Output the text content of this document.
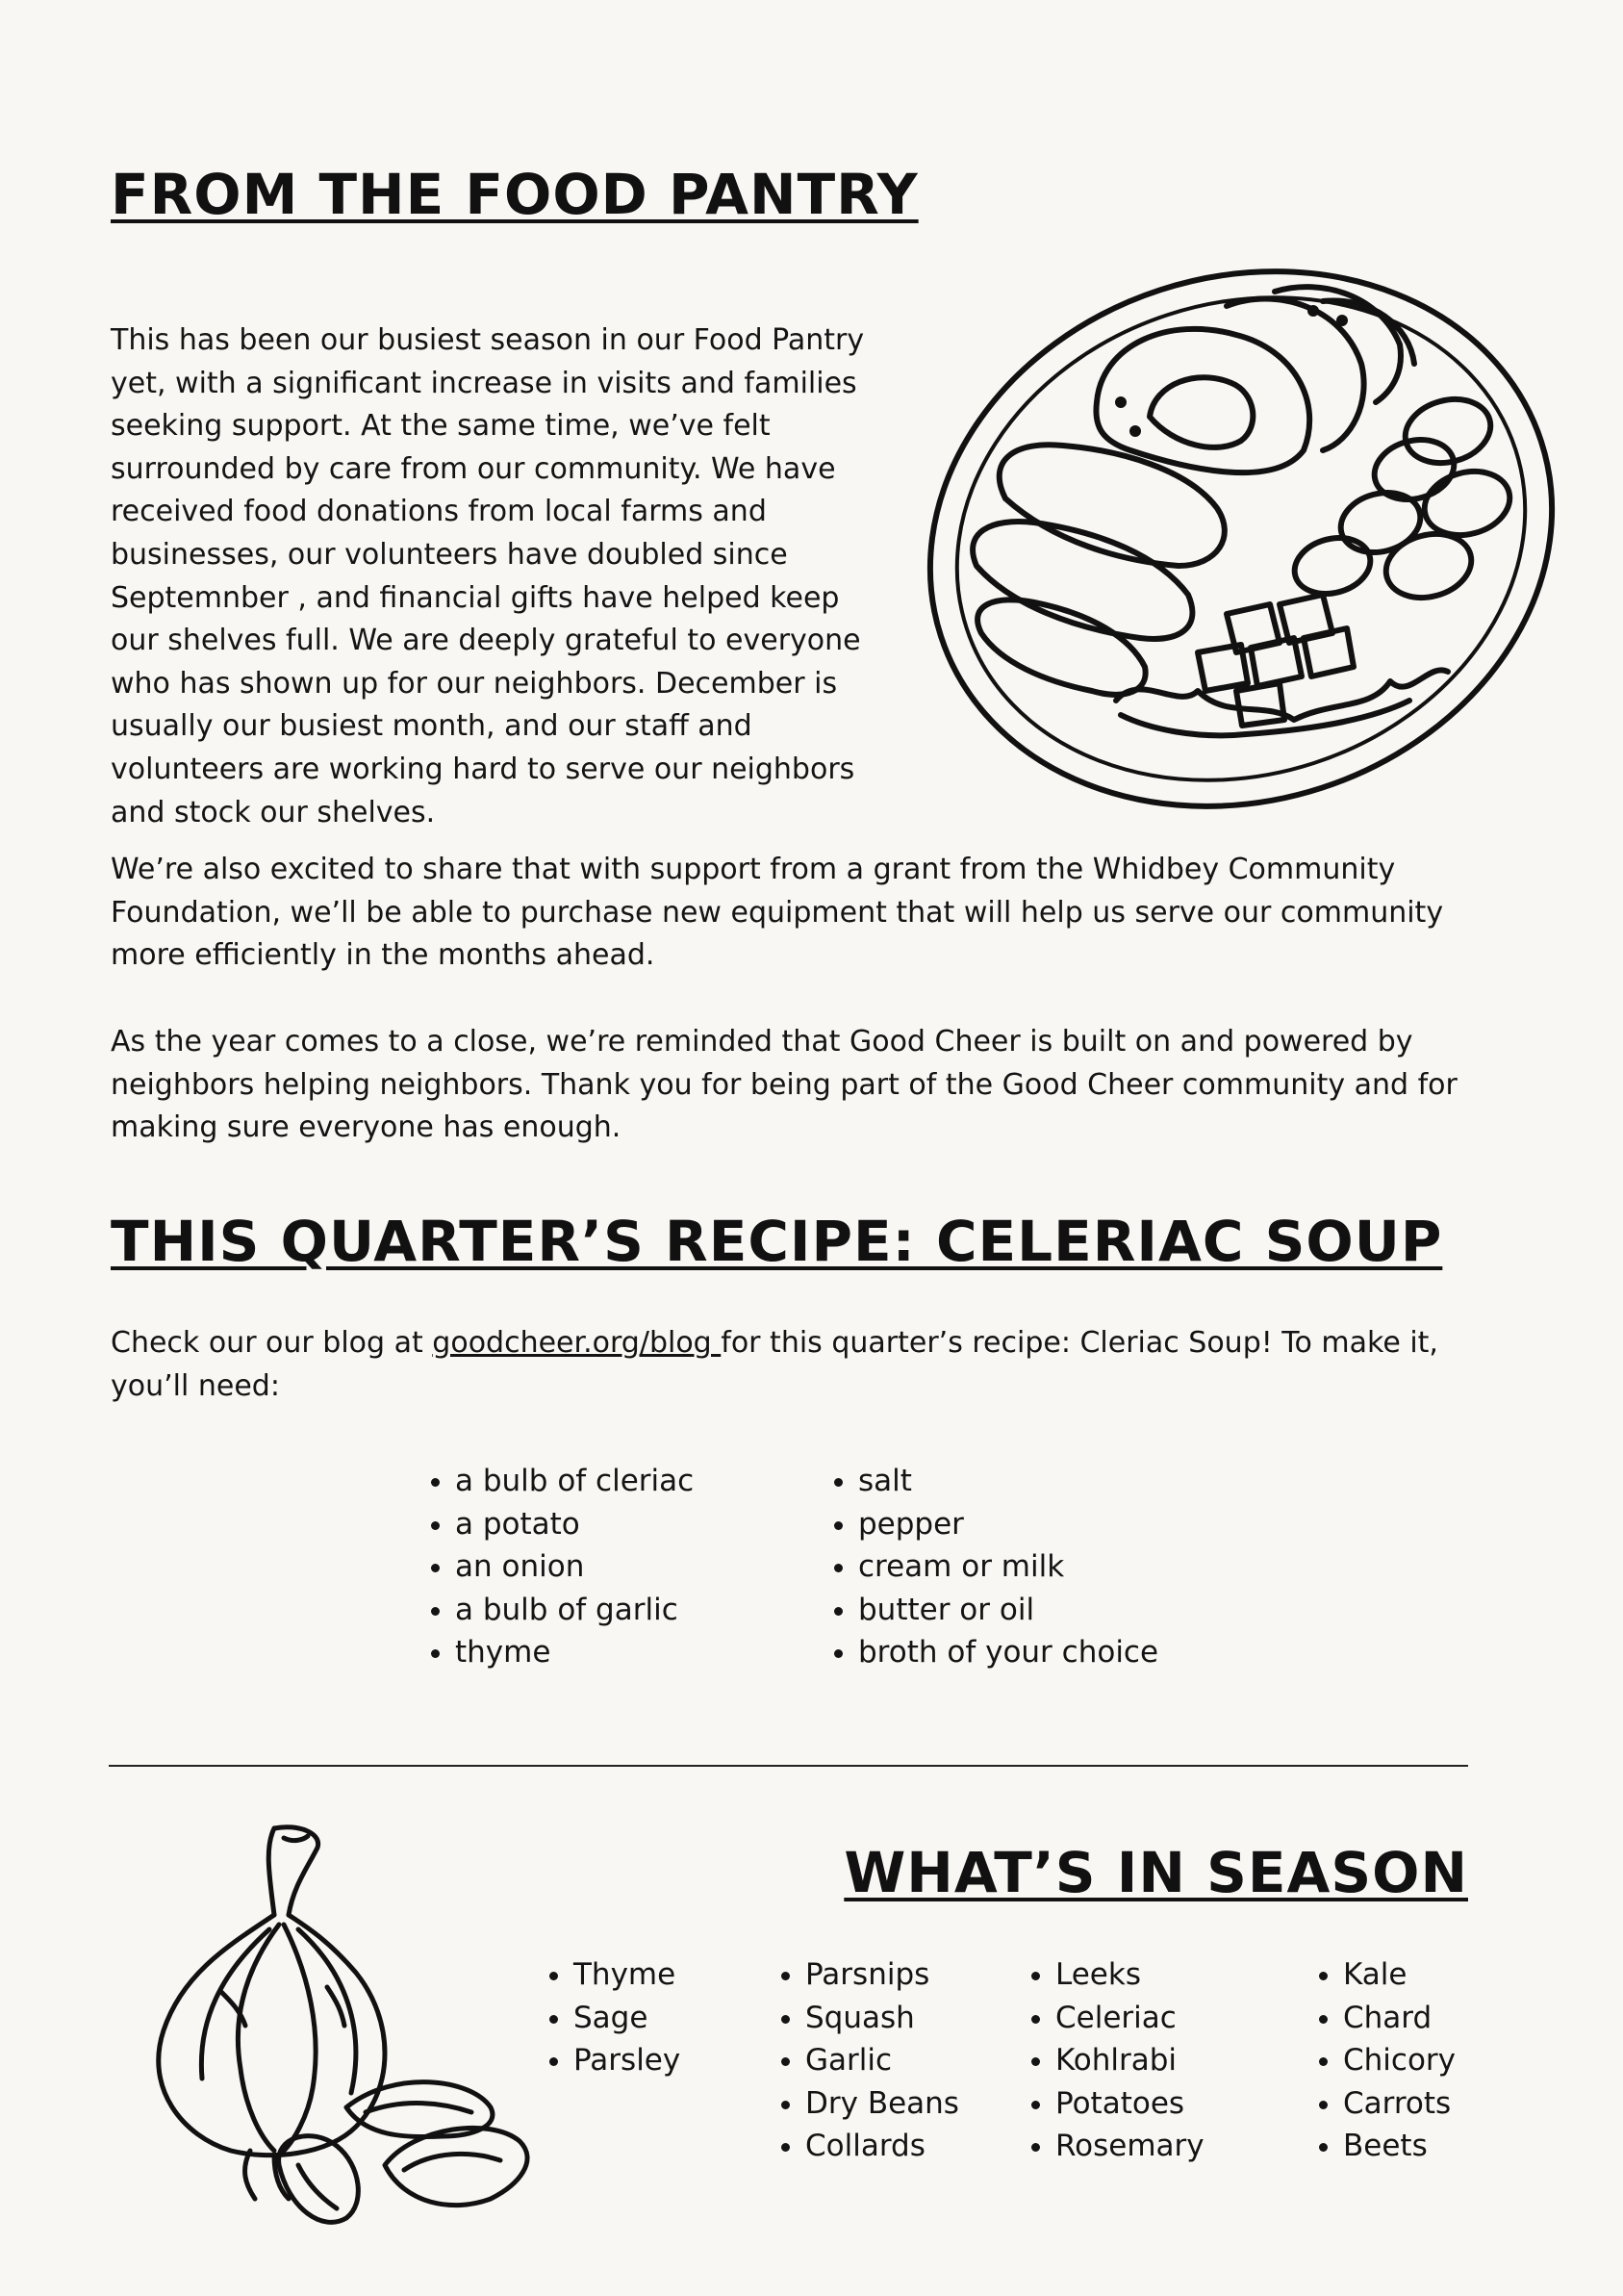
FROM THE FOOD PANTRY

This has been our busiest season in our Food Pantry yet, with a significant increase in visits and families seeking support. At the same time, we’ve felt surrounded by care from our community. We have received food donations from local farms and businesses, our volunteers have doubled since Septemnber , and financial gifts have helped keep our shelves full. We are deeply grateful to everyone who has shown up for our neighbors. December is usually our busiest month, and our staff and volunteers are working hard to serve our neighbors and stock our shelves.

We’re also excited to share that with support from a grant from the Whidbey Community Foundation, we’ll be able to purchase new equipment that will help us serve our community more efficiently in the months ahead.

As the year comes to a close, we’re reminded that Good Cheer is built on and powered by neighbors helping neighbors. Thank you for being part of the Good Cheer community and for making sure everyone has enough.

THIS QUARTER’S RECIPE: CELERIAC SOUP

Check our our blog at goodcheer.org/blog for this quarter’s recipe: Cleriac Soup! To make it, you’ll need:

• a bulb of cleriac
• a potato
• an onion
• a bulb of garlic
• thyme
• salt
• pepper
• cream or milk
• butter or oil
• broth of your choice
WHAT’S IN SEASON
• Thyme
• Sage
• Parsley
• Parsnips
• Squash
• Garlic
• Dry Beans
• Collards
• Leeks
• Celeriac
• Kohlrabi
• Potatoes
• Rosemary
• Kale
• Chard
• Chicory
• Carrots
• Beets
